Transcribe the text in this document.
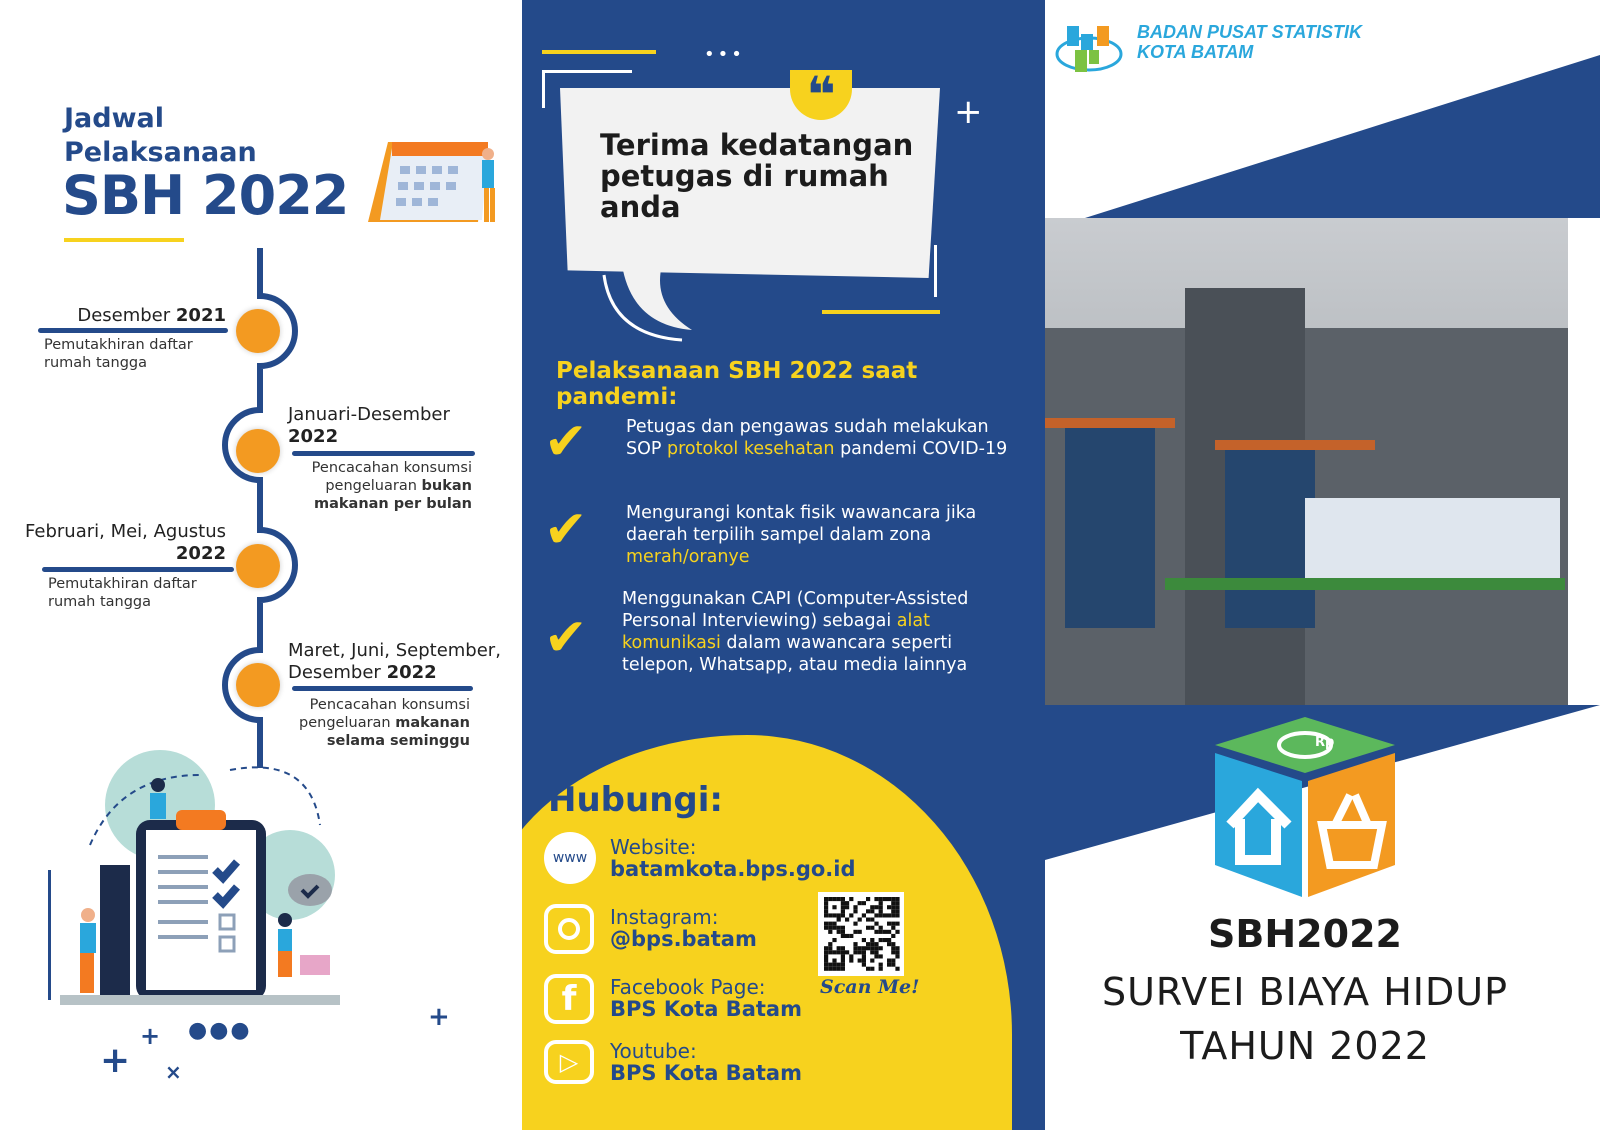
Jadwal
Pelaksanaan
SBH 2022
Desember 2021
Pemutakhiran daftar rumah tangga
Januari-Desember
2022
Pencacahan konsumsi pengeluaran bukan makanan per bulan
Februari, Mei, Agustus
2022
Pemutakhiran daftar rumah tangga
Maret, Juni, September, Desember 2022
Pencacahan konsumsi pengeluaran makanan selama seminggu
+
+
×
●●●	+
•••
+
❝
Terima kedatangan petugas di rumah anda
Pelaksanaan SBH 2022 saat pandemi:
✔ Petugas dan pengawas sudah melakukan SOP protokol kesehatan pandemi COVID-19
✔ Mengurangi kontak fisik wawancara jika daerah terpilih sampel dalam zona merah/oranye
✔
Menggunakan CAPI (Computer-Assisted Personal Interviewing) sebagai alat komunikasi dalam wawancara seperti telepon, Whatsapp, atau media lainnya
Hubungi:
www	Website:
batamkota.bps.go.id
Instagram:
@bps.batam
f	Facebook Page:
BPS Kota Batam
▷	Youtube:
BPS Kota Batam
Scan Me!
BADAN PUSAT STATISTIK
KOTA BATAM
Rp
SBH2022
SURVEI BIAYA HIDUP
TAHUN 2022
